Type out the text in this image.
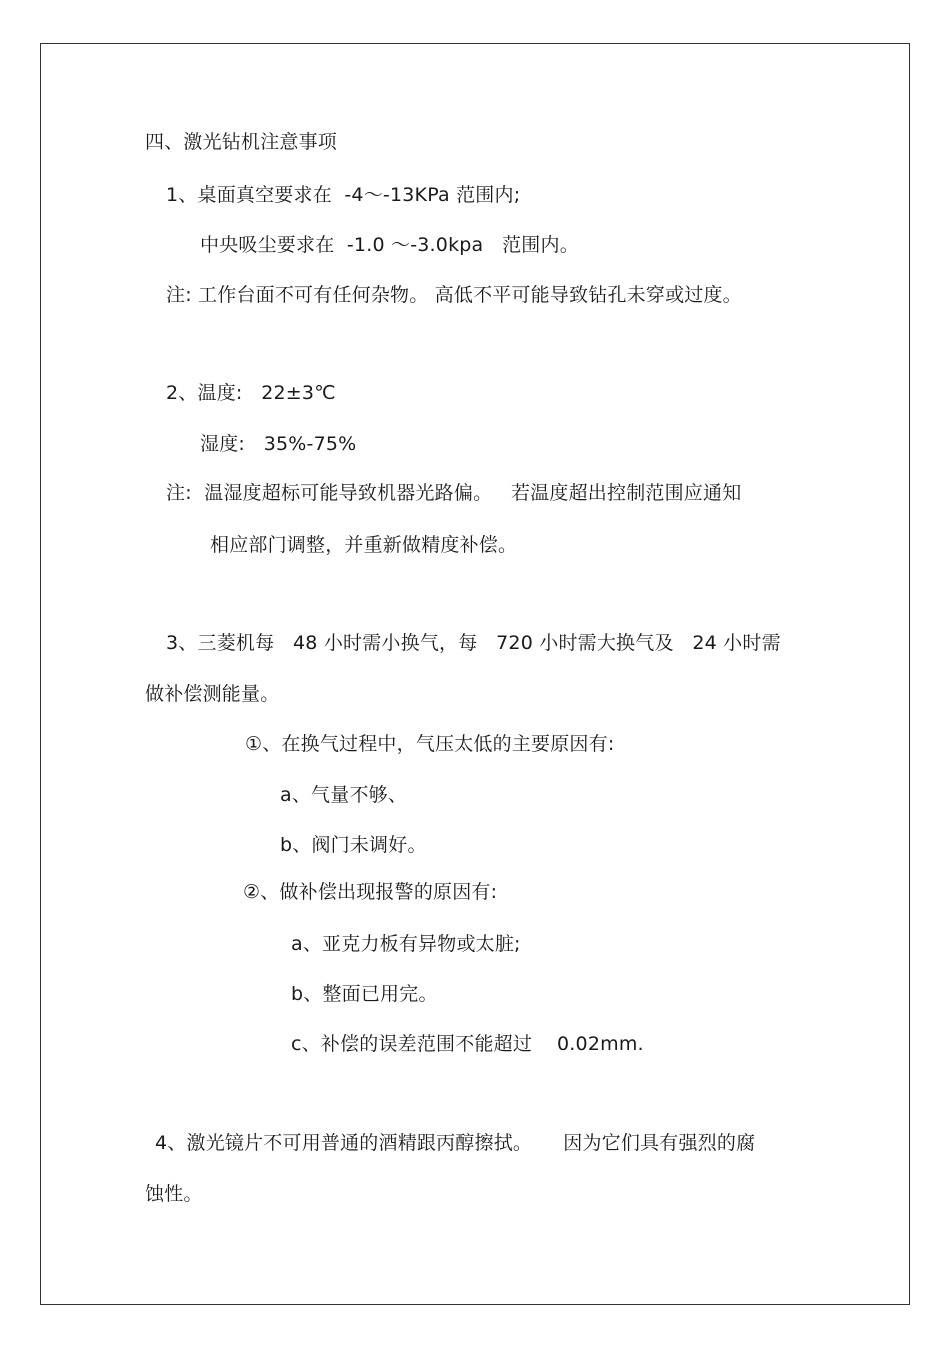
四、激光钻机注意事项
1、桌面真空要求在  -4～-13KPa 范围内;
中央吸尘要求在  -1.0 ～-3.0kpa   范围内。
注: 工作台面不可有任何杂物。 高低不平可能导致钻孔未穿或过度。
2、温度:   22±3℃
湿度:   35%-75%
注:  温湿度超标可能导致机器光路偏。   若温度超出控制范围应通知
相应部门调整，并重新做精度补偿。
3、三菱机每   48 小时需小换气，每   720 小时需大换气及   24 小时需
做补偿测能量。
①、在换气过程中，气压太低的主要原因有:
a、气量不够、
b、阀门未调好。
②、做补偿出现报警的原因有:
a、亚克力板有异物或太脏;
b、整面已用完。
c、补偿的误差范围不能超过    0.02mm.
4、激光镜片不可用普通的酒精跟丙醇擦拭。     因为它们具有强烈的腐
蚀性。
